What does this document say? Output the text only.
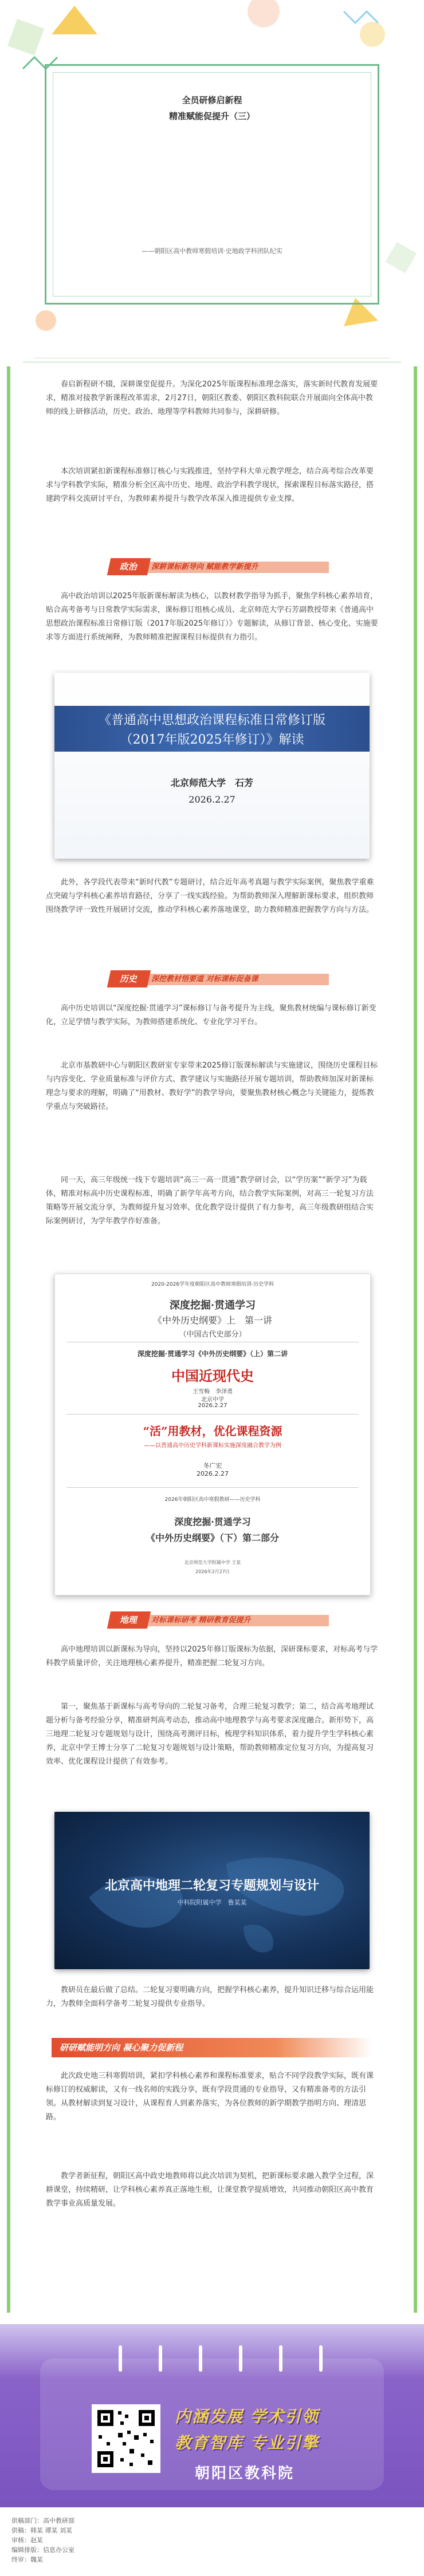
全员研修启新程
精准赋能促提升（三）
——朝阳区高中教师寒假培训·史地政学科团队纪实

春启新程研不辍，深耕课堂促提升。为深化2025年版课程标准理念落实，落实新时代教育发展要求，精准对接教学新课程改革需求，2月27日，朝阳区教委、朝阳区教科院联合开展面向全体高中教师的线上研修活动，历史、政治、地理等学科教师共同参与，深耕研修。

本次培训紧扣新课程标准修订核心与实践推进，坚持学科大单元教学理念，结合高考综合改革要求与学科教学实际，精准分析全区高中历史、地理、政治学科教学现状，探索课程目标落实路径，搭建跨学科交流研讨平台，为教师素养提升与教学改革深入推进提供专业支撑。

深耕课标新导向 赋能教学新提升
政治

高中政治培训以2025年版新课标解读为核心，以教材教学指导为抓手，聚焦学科核心素养培育，贴合高考备考与日常教学实际需求，课标修订组核心成员、北京师范大学石芳副教授带来《普通高中思想政治课程标准日常修订版（2017年版2025年修订）》专题解读，从修订背景、核心变化、实施要求等方面进行系统阐释，为教师精准把握课程目标提供有力指引。

《普通高中思想政治课程标准日常修订版
（2017年版2025年修订）》解读
北京师范大学　石芳
2026.2.27

此外，各学段代表带来“新时代教”专题研讨，结合近年高考真题与教学实际案例，聚焦教学重难点突破与学科核心素养培育路径，分享了一线实践经验。为帮助教师深入理解新课标要求，组织教师围绕教学评一致性开展研讨交流，推动学科核心素养落地课堂，助力教师精准把握教学方向与方法。

深挖教材悟要道 对标课标促备课
历史

高中历史培训以“深度挖掘·贯通学习”课标修订与备考提升为主线，聚焦教材统编与课标修订新变化，立足学情与教学实际，为教师搭建系统化、专业化学习平台。

北京市基教研中心与朝阳区教研室专家带来2025修订版课标解读与实施建议，围绕历史课程目标与内容变化、学业质量标准与评价方式、教学建议与实施路径开展专题培训，帮助教师加深对新课标理念与要求的理解，明确了“用教材、教好学”的教学导向，要聚焦教材核心概念与关键能力，提炼教学重点与突破路径。

同一天，高三年级统一线下专题培训“高三一高一贯通”教学研讨会，以“学历案”“新学习”为载体，精准对标高中历史课程标准，明确了新学年高考方向，结合教学实际案例，对高三一轮复习方法策略等开展交流分享，为教师提升复习效率、优化教学设计提供了有力参考，高三年级教研组结合实际案例研讨，为学年教学作好准备。

2020-2026学年度朝阳区高中教师寒假培训·历史学科
深度挖掘·贯通学习
《中外历史纲要》上　第一讲
（中国古代史部分）
深度挖掘·贯通学习《中外历史纲要》（上）第二讲
中国近现代史
王雪梅　李泽勇
北京中学
2026.2.27
“活”用教材，优化课程资源
——以普通高中历史学科新课标实施深度融合教学为例
冬广宏
2026.2.27
2026年朝阳区高中寒假教研——历史学科
深度挖掘·贯通学习
《中外历史纲要》（下）第二部分
北京师范大学附属中学 王某
2026年2月27日
对标课标研考 精研教育促提升
地理

高中地理培训以新课标为导向，坚持以2025年修订版课标为依据，深研课标要求，对标高考与学科教学质量评价，关注地理核心素养提升，精准把握二轮复习方向。

第一，聚焦基于新课标与高考导向的二轮复习备考，合理三轮复习教学；第二，结合高考地理试题分析与备考经验分享，精准研判高考动态，推动高中地理教学与高考要求深度融合。新形势下，高三地理二轮复习专题规划与设计，围绕高考测评目标，梳理学科知识体系，着力提升学生学科核心素养，北京中学王博士分享了二轮复习专题规划与设计策略，帮助教师精准定位复习方向，为提高复习效率、优化课程设计提供了有效参考。

北京高中地理二轮复习专题规划与设计
中科院附属中学　鲁某某

教研员在最后做了总结。二轮复习要明确方向，把握学科核心素养，提升知识迁移与综合运用能力，为教师全面科学备考二轮复习提供专业指导。

研研赋能明方向 凝心聚力促新程

此次政史地三科寒假培训，紧扣学科核心素养和课程标准要求，贴合不同学段教学实际，既有课标修订的权威解读，又有一线名师的实践分享，既有学段贯通的专业指导，又有精准备考的方法引领。从教材解读到复习设计，从课程育人到素养落实，为各位教师的新学期教学指明方向、理清思路。

教学者新征程，朝阳区高中政史地教师将以此次培训为契机，把新课标要求融入教学全过程，深耕课堂，持续精研，让学科核心素养真正落地生根，让课堂教学提质增效，共同推动朝阳区高中教育教学事业高质量发展。

内涵发展 学术引领
教育智库 专业引擎
朝阳区教科院
供稿部门：高中教研部
供稿：韩某 谭某 刘某
审核：赵某
编辑排版：信息办公室
终审：魏某
